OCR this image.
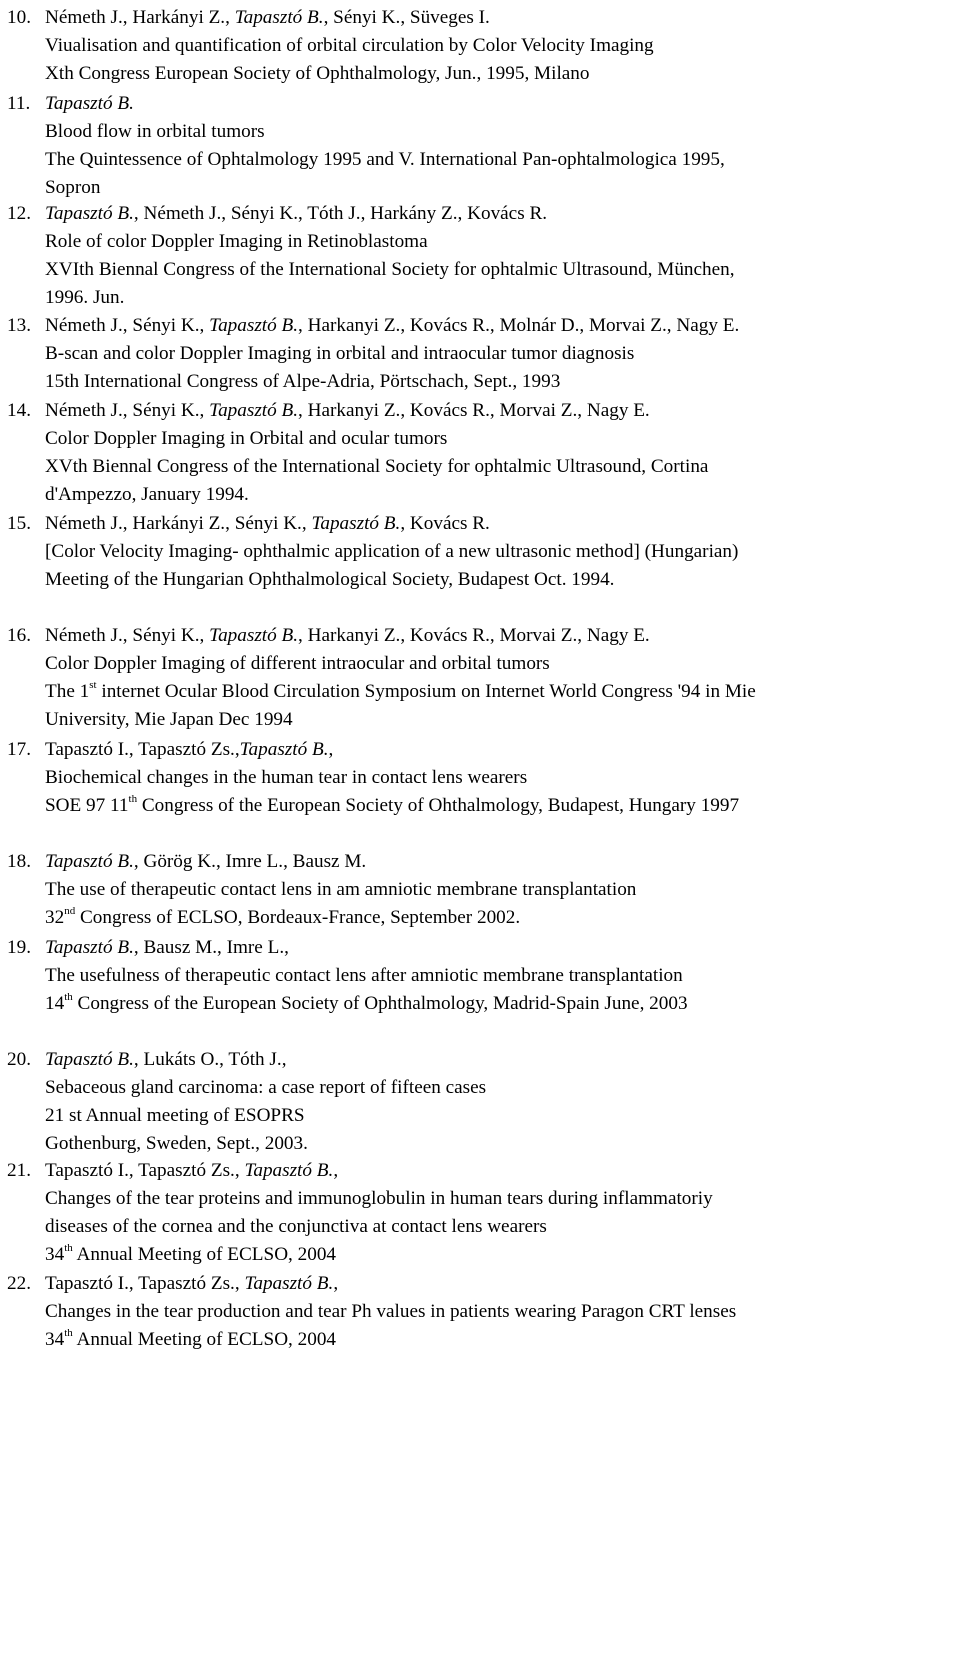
10. Németh J., Harkányi Z., Tapasztó B., Sényi K., Süveges I.
Viualisation and quantification of orbital circulation by Color Velocity Imaging
Xth Congress European Society of Ophthalmology, Jun., 1995, Milano
11. Tapasztó B.
Blood flow in orbital tumors
The Quintessence of Ophtalmology 1995 and V. International Pan-ophtalmologica 1995,
Sopron
12. Tapasztó B., Németh J., Sényi K., Tóth J., Harkány Z., Kovács R.
Role of color Doppler Imaging in Retinoblastoma
XVIth Biennal Congress of the International Society for ophtalmic Ultrasound, München,
1996. Jun.
13. Németh J., Sényi K., Tapasztó B., Harkanyi Z., Kovács R., Molnár D., Morvai Z., Nagy E.
B-scan and color Doppler Imaging in orbital and intraocular tumor diagnosis
15th International Congress of Alpe-Adria, Pörtschach, Sept., 1993
14. Németh J., Sényi K., Tapasztó B., Harkanyi Z., Kovács R., Morvai Z., Nagy E.
Color Doppler Imaging in Orbital and ocular tumors
XVth Biennal Congress of the International Society for ophtalmic Ultrasound, Cortina
d'Ampezzo, January 1994.
15. Németh J., Harkányi Z., Sényi K., Tapasztó B., Kovács R.
[Color Velocity Imaging- ophthalmic application of a new ultrasonic method] (Hungarian)
Meeting of the Hungarian Ophthalmological Society, Budapest Oct. 1994.
16. Németh J., Sényi K., Tapasztó B., Harkanyi Z., Kovács R., Morvai Z., Nagy E.
Color Doppler Imaging of different intraocular and orbital tumors
The 1st internet Ocular Blood Circulation Symposium on Internet World Congress '94 in Mie
University, Mie Japan Dec 1994
17. Tapasztó I., Tapasztó Zs.,Tapasztó B.,
Biochemical changes in the human tear in contact lens wearers
SOE 97 11th Congress of the European Society of Ohthalmology, Budapest, Hungary 1997
18. Tapasztó B., Görög K., Imre L., Bausz M.
The use of therapeutic contact lens in am amniotic membrane transplantation
32nd Congress of ECLSO, Bordeaux-France, September 2002.
19. Tapasztó B., Bausz M., Imre L.,
The usefulness of therapeutic contact lens after amniotic membrane transplantation
14th Congress of the European Society of Ophthalmology, Madrid-Spain June, 2003
20. Tapasztó B., Lukáts O., Tóth J.,
Sebaceous gland carcinoma: a case report of fifteen cases
21 st Annual meeting of ESOPRS
Gothenburg, Sweden, Sept., 2003.
21. Tapasztó I., Tapasztó Zs., Tapasztó B.,
Changes of the tear proteins and immunoglobulin in human tears during inflammatoriy
diseases of the cornea and the conjunctiva at contact lens wearers
34th Annual Meeting of ECLSO, 2004
22. Tapasztó I., Tapasztó Zs., Tapasztó B.,
Changes in the tear production and tear Ph values in patients wearing Paragon CRT lenses
34th Annual Meeting of ECLSO, 2004
